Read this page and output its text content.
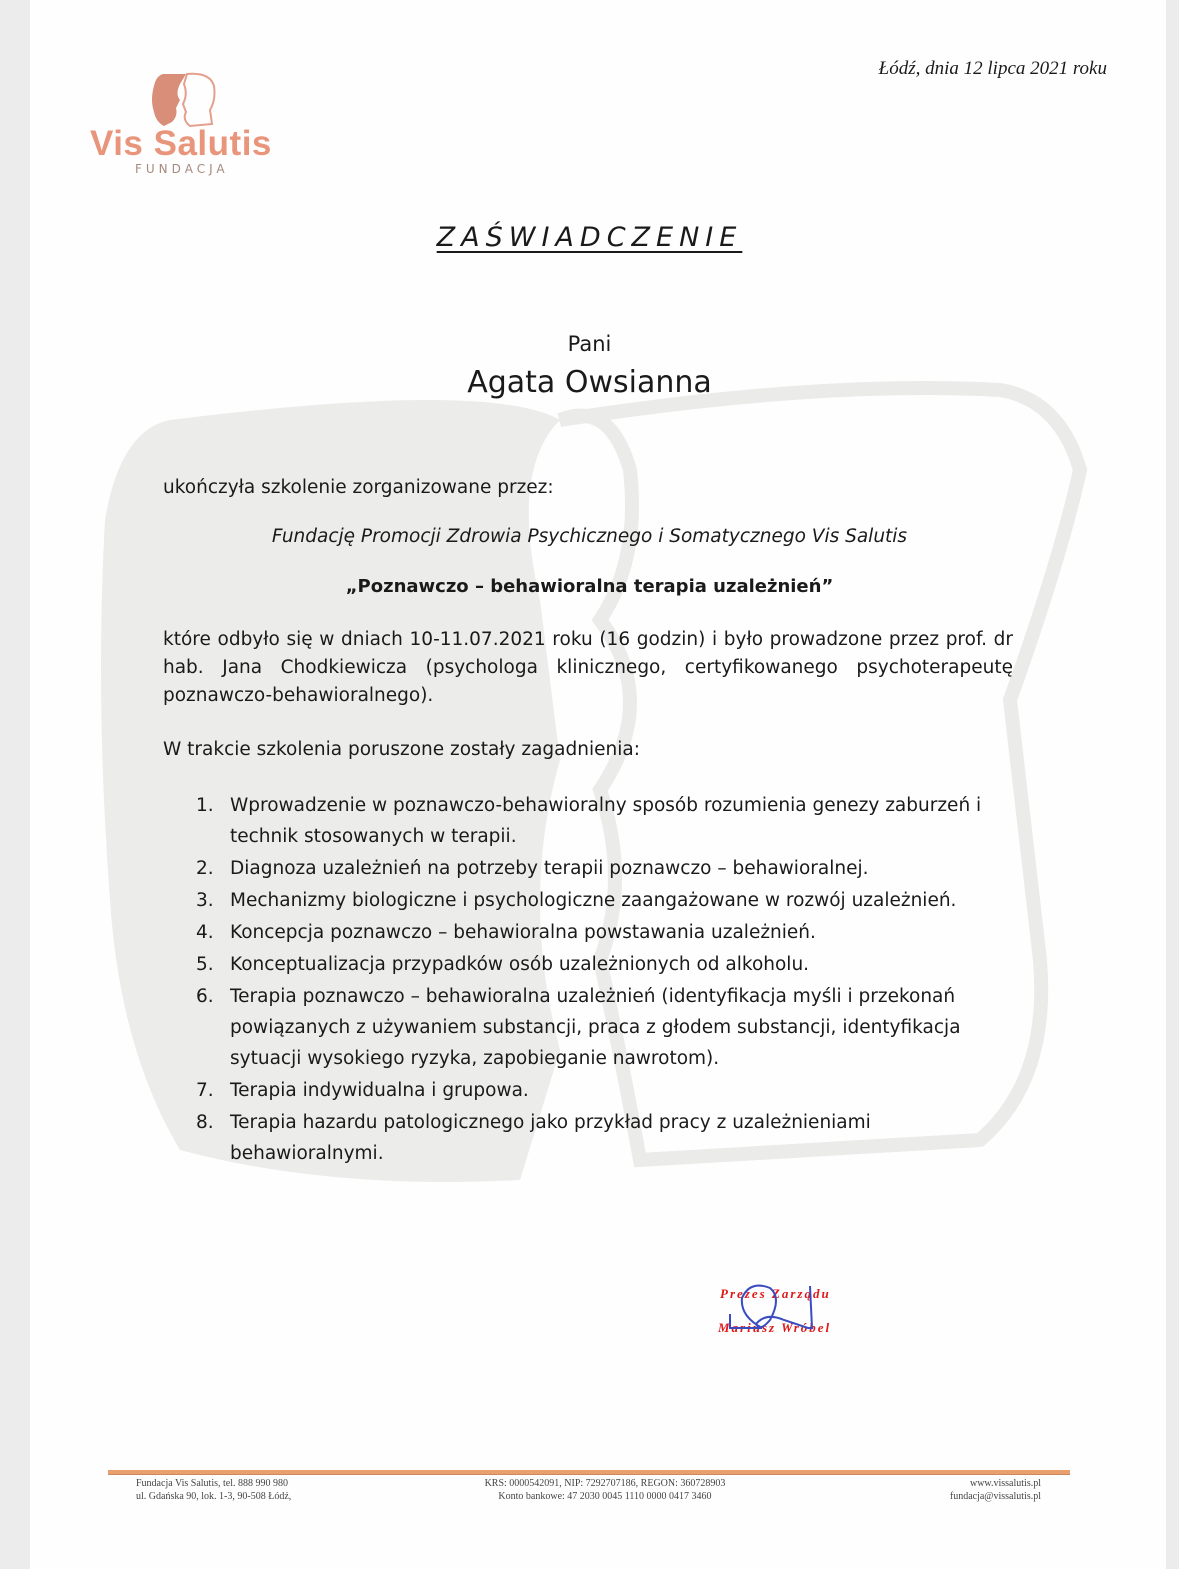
Łódź, dnia 12 lipca 2021 roku
Vis Salutis
FUNDACJA
ZAŚWIADCZENIE
Pani
Agata Owsianna
ukończyła szkolenie zorganizowane przez:
Fundację Promocji Zdrowia Psychicznego i Somatycznego Vis Salutis
„Poznawczo – behawioralna terapia uzależnień”
które odbyło się w dniach 10-11.07.2021 roku (16 godzin) i było prowadzone przez prof. dr hab. Jana Chodkiewicza (psychologa klinicznego, certyfikowanego psychoterapeutę poznawczo-behawioralnego).
W trakcie szkolenia poruszone zostały zagadnienia:
1. Wprowadzenie w poznawczo-behawioralny sposób rozumienia genezy zaburzeń i technik stosowanych w terapii.
2. Diagnoza uzależnień na potrzeby terapii poznawczo – behawioralnej.
3. Mechanizmy biologiczne i psychologiczne zaangażowane w rozwój uzależnień.
4. Koncepcja poznawczo – behawioralna powstawania uzależnień.
5. Konceptualizacja przypadków osób uzależnionych od alkoholu.
6. Terapia poznawczo – behawioralna uzależnień (identyfikacja myśli i przekonań powiązanych z używaniem substancji, praca z głodem substancji, identyfikacja sytuacji wysokiego ryzyka, zapobieganie nawrotom).
7. Terapia indywidualna i grupowa.
8. Terapia hazardu patologicznego jako przykład pracy z uzależnieniami behawioralnymi.
Prezes Zarządu
Mariusz Wróbel
Fundacja Vis Salutis, tel. 888 990 980
ul. Gdańska 90, lok. 1-3, 90-508 Łódź,
KRS: 0000542091, NIP: 7292707186, REGON: 360728903
Konto bankowe: 47 2030 0045 1110 0000 0417 3460
www.vissalutis.pl
fundacja@vissalutis.pl
